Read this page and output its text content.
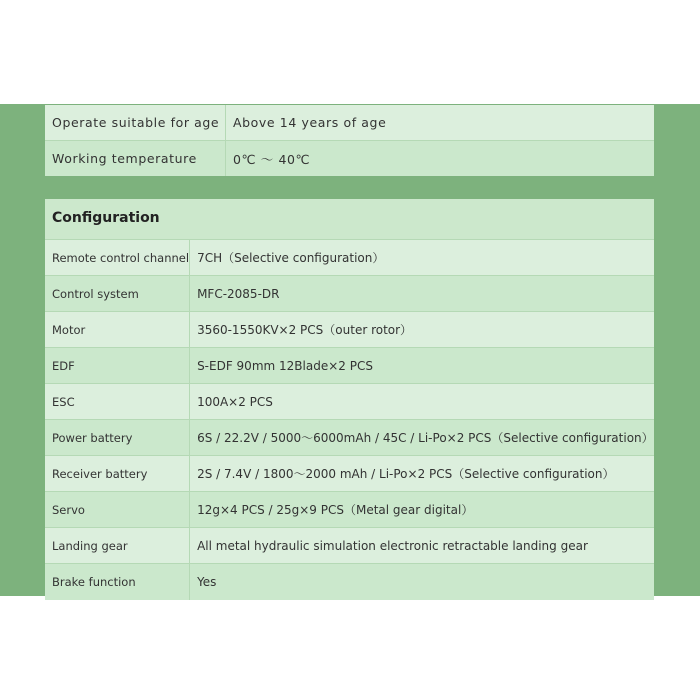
Operate suitable for age	Above 14 years of age
Working temperature	0℃ ～ 40℃
Configuration
Remote control channel	7CH（Selective configuration）
Control system	MFC-2085-DR
Motor	3560-1550KV×2 PCS（outer rotor）
EDF	S-EDF 90mm 12Blade×2 PCS
ESC	100A×2 PCS
Power battery	6S / 22.2V / 5000～6000mAh / 45C / Li-Po×2 PCS（Selective configuration）
Receiver battery	2S / 7.4V / 1800～2000 mAh / Li-Po×2 PCS（Selective configuration）
Servo	12g×4 PCS / 25g×9 PCS（Metal gear digital）
Landing gear	All metal hydraulic simulation electronic retractable landing gear
Brake function	Yes
